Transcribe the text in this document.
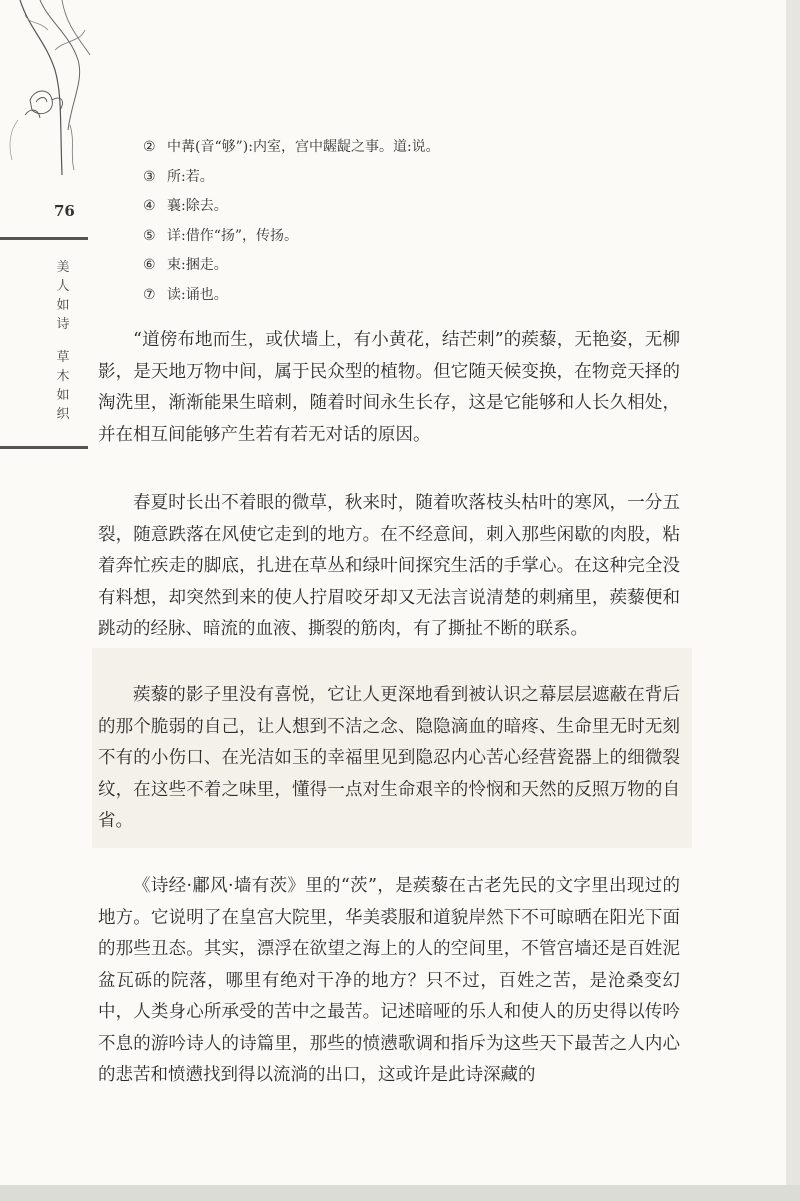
76
美
人
如
诗
草
木
如
织
② 中冓(音“够”):内室，宫中龌龊之事。道:说。
③ 所:若。
④ 襄:除去。
⑤ 详:借作“扬”，传扬。
⑥ 束:捆走。
⑦ 读:诵也。

“道傍布地而生，或伏墙上，有小黄花，结芒刺”的蒺藜，无艳姿，无柳影，是天地万物中间，属于民众型的植物。但它随天候变换，在物竞天择的淘洗里，渐渐能果生暗刺，随着时间永生长存，这是它能够和人长久相处，并在相互间能够产生若有若无对话的原因。

春夏时长出不着眼的微草，秋来时，随着吹落枝头枯叶的寒风，一分五裂，随意跌落在风使它走到的地方。在不经意间，刺入那些闲歇的肉股，粘着奔忙疾走的脚底，扎进在草丛和绿叶间探究生活的手掌心。在这种完全没有料想，却突然到来的使人拧眉咬牙却又无法言说清楚的刺痛里，蒺藜便和跳动的经脉、暗流的血液、撕裂的筋肉，有了撕扯不断的联系。

蒺藜的影子里没有喜悦，它让人更深地看到被认识之幕层层遮蔽在背后的那个脆弱的自己，让人想到不洁之念、隐隐滴血的暗疼、生命里无时无刻不有的小伤口、在光洁如玉的幸福里见到隐忍内心苦心经营瓷器上的细微裂纹，在这些不着之味里，懂得一点对生命艰辛的怜悯和天然的反照万物的自省。

《诗经·鄘风·墙有茨》里的“茨”，是蒺藜在古老先民的文字里出现过的地方。它说明了在皇宫大院里，华美裘服和道貌岸然下不可晾晒在阳光下面的那些丑态。其实，漂浮在欲望之海上的人的空间里，不管宫墙还是百姓泥盆瓦砾的院落，哪里有绝对干净的地方？只不过，百姓之苦，是沧桑变幻中，人类身心所承受的苦中之最苦。记述暗哑的乐人和使人的历史得以传吟不息的游吟诗人的诗篇里，那些的愤懑歌调和指斥为这些天下最苦之人内心的悲苦和愤懑找到得以流淌的出口，这或许是此诗深藏的
